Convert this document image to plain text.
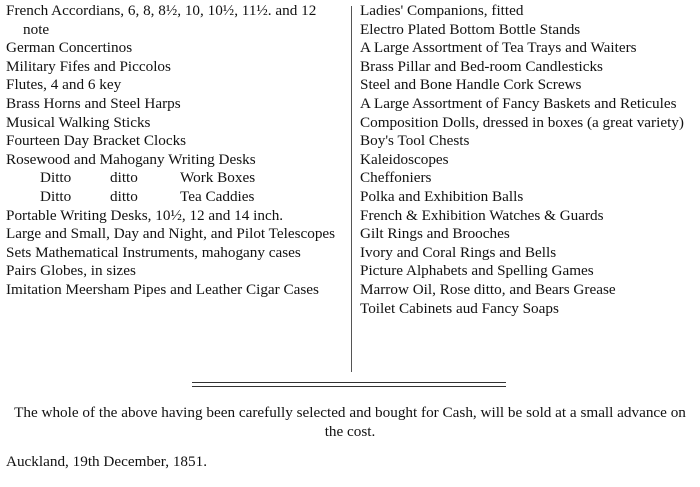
French Accordians, 6, 8, 8½, 10, 10½, 11½. and 12 note

German Concertinos

Military Fifes and Piccolos

Flutes, 4 and 6 key

Brass Horns and Steel Harps

Musical Walking Sticks

Fourteen Day Bracket Clocks

Rosewood and Mahogany Writing Desks

Ditto	ditto	Work Boxes
Ditto	ditto	Tea Caddies

Portable Writing Desks, 10½, 12 and 14 inch.

Large and Small, Day and Night, and Pilot Telescopes

Sets Mathematical Instruments, mahogany cases

Pairs Globes, in sizes

Imitation Meersham Pipes and Leather Cigar Cases

Ladies' Companions, fitted

Electro Plated Bottom Bottle Stands

A Large Assortment of Tea Trays and Waiters

Brass Pillar and Bed-room Candlesticks

Steel and Bone Handle Cork Screws

A Large Assortment of Fancy Baskets and Reticules

Composition Dolls, dressed in boxes (a great variety)

Boy's Tool Chests

Kaleidoscopes

Cheffoniers

Polka and Exhibition Balls

French & Exhibition Watches & Guards

Gilt Rings and Brooches

Ivory and Coral Rings and Bells

Picture Alphabets and Spelling Games

Marrow Oil, Rose ditto, and Bears Grease

Toilet Cabinets aud Fancy Soaps

The whole of the above having been carefully selected and bought for Cash, will be sold at a small advance on the cost.

Auckland, 19th December, 1851.
